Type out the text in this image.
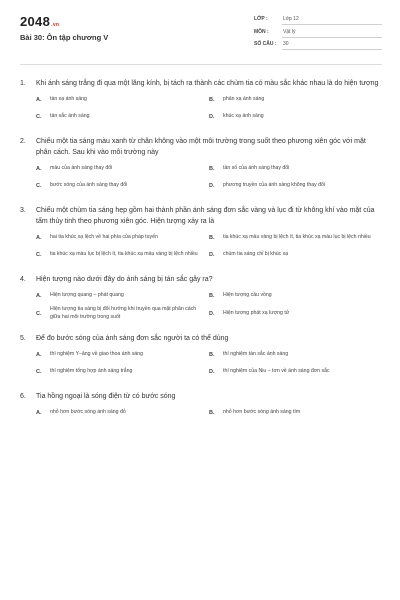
2048.vn
Bài 30: Ôn tập chương V
LỚP :	Lớp 12
MÔN :	Vật lý
SỐ CÂU :	30
1.	Khi ánh sáng trắng đi qua một lăng kính, bị tách ra thành các chùm tia có màu sắc khác nhau là do hiện tượng
A.	tán xạ ánh sáng	B.	phản xạ ánh sáng
C.	tán sắc ánh sáng	D.	khúc xạ ánh sáng
2.	Chiếu một tia sáng màu xanh từ chân không vào một môi trường trong suốt theo phương xiên góc với mặt phân cách. Sau khi vào môi trường này
A.	màu của ánh sáng thay đổi	B.	tần số của ánh sáng thay đổi
C.	bước sóng của ánh sáng thay đổi	D.	phương truyền của ánh sáng không thay đổi
3.	Chiếu một chùm tia sáng hẹp gồm hai thành phần ánh sáng đơn sắc vàng và lục đi từ không khí vào mặt của tấm thủy tinh theo phương xiên góc. Hiện tượng xảy ra là
A.	hai tia khúc xạ lệch về hai phía của pháp tuyến	B.	tia khúc xạ màu vàng bị lệch ít, tia khúc xạ màu lục bị lệch nhiều
C.	tia khúc xạ màu lục bị lệch ít, tia khúc xạ màu vàng bị lệch nhiều D.	chùm tia sáng chỉ bị khúc xạ
4.	Hiện tượng nào dưới đây do ánh sáng bị tán sắc gây ra?
A.	Hiện tượng quang – phát quang	B.	Hiện tượng cầu vồng
C.
Hiện tượng tia sáng bị đổi hướng khi truyền qua mặt phân cách giữa hai môi trường trong suốt	D.	Hiện tượng phát xạ lượng tử
5.	Để đo bước sóng của ánh sáng đơn sắc người ta có thể dùng
A.	thí nghiệm Y–âng về giao thoa ánh sáng	B.	thí nghiệm tán sắc ánh sáng
C.	thí nghiệm tổng hợp ánh sáng trắng	D.	thí nghiệm của Niu – tơn về ánh sáng đơn sắc
6.	Tia hồng ngoại là sóng điện từ có bước sóng
A.	nhỏ hơn bước sóng ánh sáng đỏ	B.	nhỏ hơn bước sóng ánh sáng tím
